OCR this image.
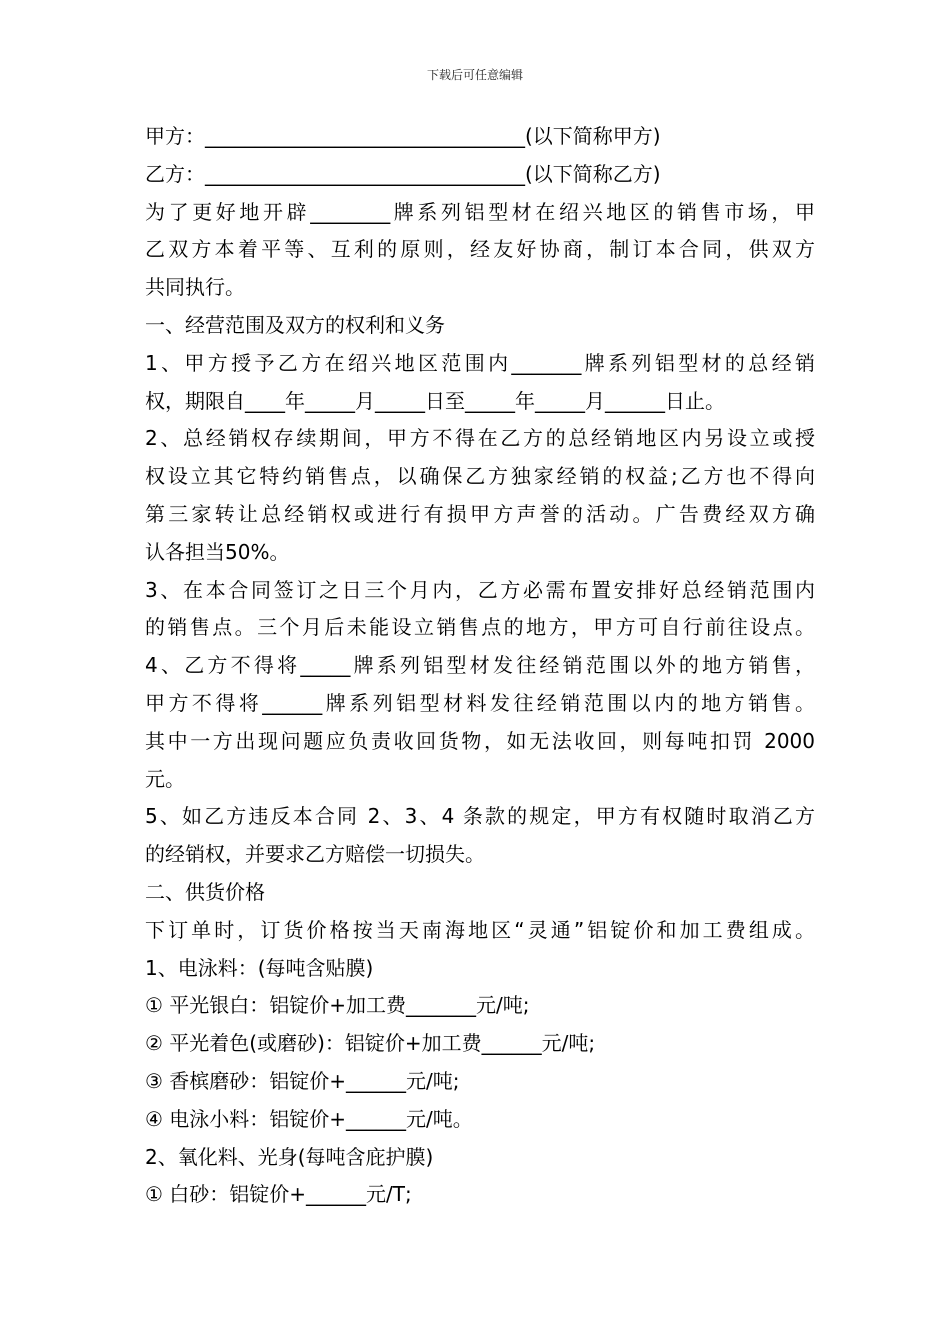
下载后可任意编辑
甲方：________________________________(以下简称甲方)
乙方：________________________________(以下简称乙方)
为了更好地开辟________牌系列铝型材在绍兴地区的销售市场，甲
乙双方本着平等、互利的原则，经友好协商，制订本合同，供双方
共同执行。
一、经营范围及双方的权利和义务
1、甲方授予乙方在绍兴地区范围内_______牌系列铝型材的总经销
权，期限自____年_____月_____日至_____年_____月______日止。
2、总经销权存续期间，甲方不得在乙方的总经销地区内另设立或授
权设立其它特约销售点，以确保乙方独家经销的权益;乙方也不得向
第三家转让总经销权或进行有损甲方声誉的活动。广告费经双方确
认各担当50%。
3、在本合同签订之日三个月内，乙方必需布置安排好总经销范围内
的销售点。三个月后未能设立销售点的地方，甲方可自行前往设点。
4、乙方不得将_____牌系列铝型材发往经销范围以外的地方销售，
甲方不得将______牌系列铝型材料发往经销范围以内的地方销售。
其中一方出现问题应负责收回货物，如无法收回，则每吨扣罚 2000
元。
5、如乙方违反本合同 2、3、4 条款的规定，甲方有权随时取消乙方
的经销权，并要求乙方赔偿一切损失。
二、供货价格
下订单时，订货价格按当天南海地区“灵通”铝锭价和加工费组成。
1、电泳料：(每吨含贴膜)
① 平光银白：铝锭价+加工费_______元/吨;
② 平光着色(或磨砂)：铝锭价+加工费______元/吨;
③ 香槟磨砂：铝锭价+______元/吨;
④ 电泳小料：铝锭价+______元/吨。
2、氧化料、光身(每吨含庇护膜)
① 白砂：铝锭价+______元/T;
